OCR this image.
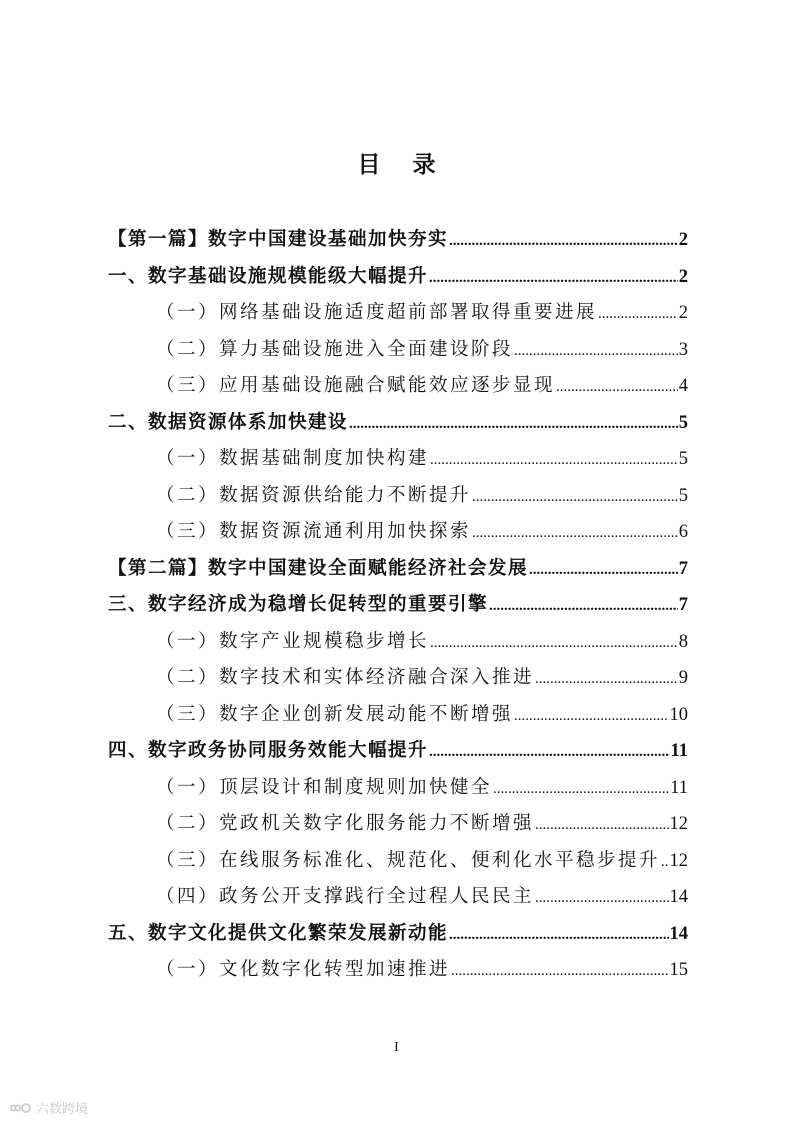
目 录
【第一篇】数字中国建设基础加快夯实 .....	2
一、数字基础设施规模能级大幅提升 .....	2
（一）网络基础设施适度超前部署取得重要进展 .....	2
（二）算力基础设施进入全面建设阶段 .....	3
（三）应用基础设施融合赋能效应逐步显现 .....	4
二、数据资源体系加快建设 .....	5
（一）数据基础制度加快构建 .....	5
（二）数据资源供给能力不断提升 .....	5
（三）数据资源流通利用加快探索 .....	6
【第二篇】数字中国建设全面赋能经济社会发展 .....	7
三、数字经济成为稳增长促转型的重要引擎 .....	7
（一）数字产业规模稳步增长 .....	8
（二）数字技术和实体经济融合深入推进 .....	9
（三）数字企业创新发展动能不断增强 .....	10
四、数字政务协同服务效能大幅提升 .....	11
（一）顶层设计和制度规则加快健全 .....	11
（二）党政机关数字化服务能力不断增强 .....	12
（三）在线服务标准化、规范化、便利化水平稳步提升 ..... 12
（四）政务公开支撑践行全过程人民民主 .....	14
五、数字文化提供文化繁荣发展新动能 .....	14
（一）文化数字化转型加速推进 .....	15
I
六数跨境
